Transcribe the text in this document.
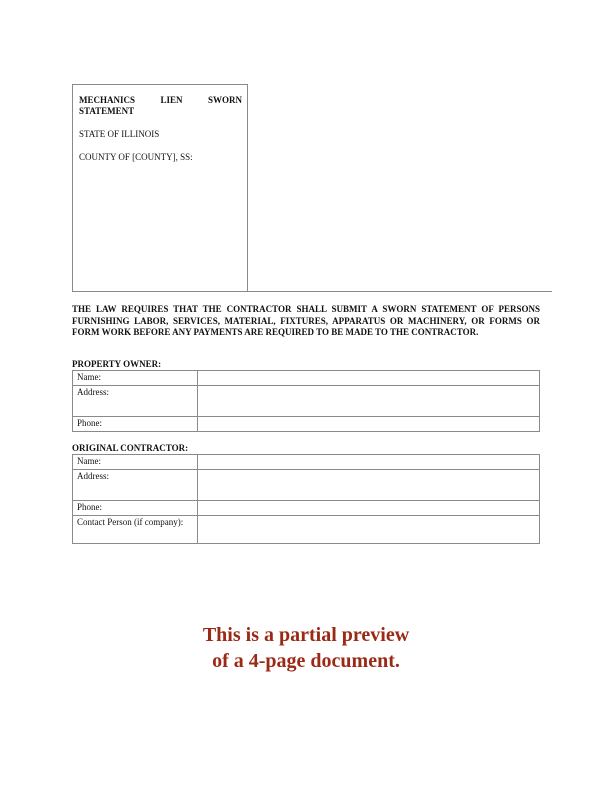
MECHANICS LIEN SWORN STATEMENT
STATE OF ILLINOIS
COUNTY OF [COUNTY], SS:
THE LAW REQUIRES THAT THE CONTRACTOR SHALL SUBMIT A SWORN STATEMENT OF PERSONS FURNISHING LABOR, SERVICES, MATERIAL, FIXTURES, APPARATUS OR MACHINERY, OR FORMS OR FORM WORK BEFORE ANY PAYMENTS ARE REQUIRED TO BE MADE TO THE CONTRACTOR.
PROPERTY OWNER:
Name:	
Address:	
Phone:	
ORIGINAL CONTRACTOR:
Name:	
Address:	
Phone:	
Contact Person (if company):	
This is a partial preview
of a 4-page document.
